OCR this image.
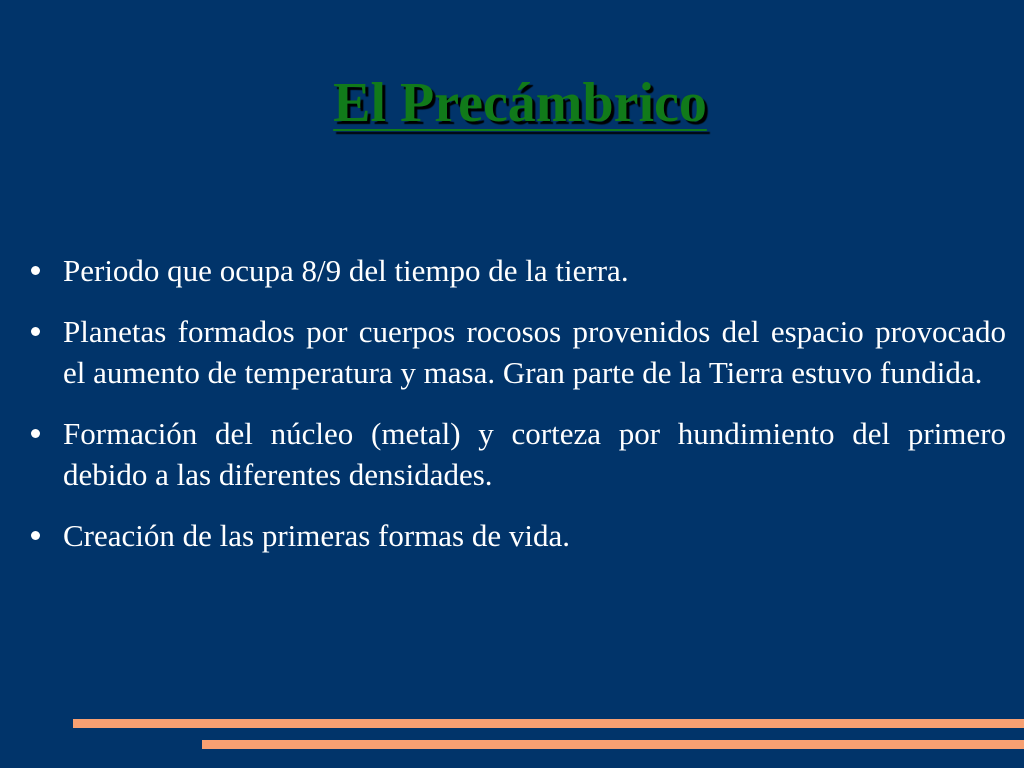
El Precámbrico
Periodo que ocupa 8/9 del tiempo de la tierra.
Planetas formados por cuerpos rocosos provenidos del espacio provocado el aumento de temperatura y masa. Gran parte de la Tierra estuvo fundida.
Formación del núcleo (metal) y corteza por hundimiento del primero debido a las diferentes densidades.
Creación de las primeras formas de vida.
